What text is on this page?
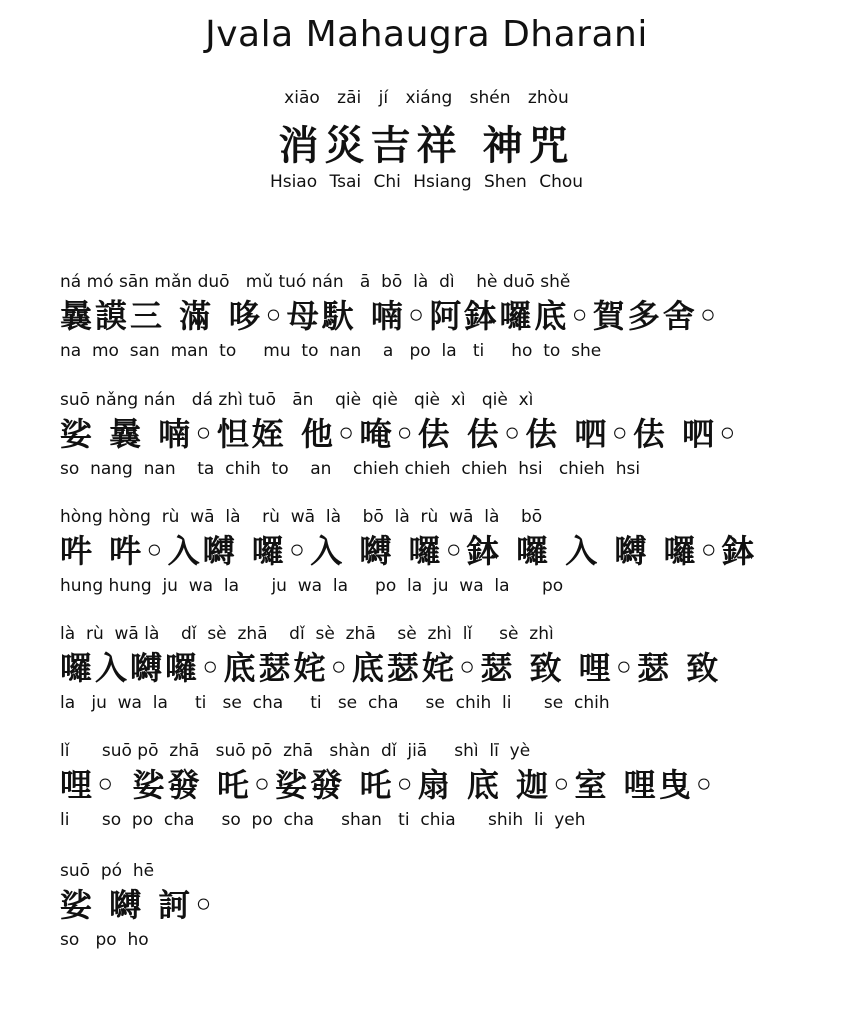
Jvala Mahaugra Dharani
xiāo zāi jí xiáng shén zhòu
消災吉祥 神咒
Hsiao Tsai Chi Hsiang Shen Chou
ná mó sān mǎn duō   mǔ tuó nán   ā  bō  là  dì    hè duō shě
曩謨三 滿 哆◦母馱 喃◦阿鉢囉底◦賀多舍◦
na  mo  san  man  to     mu  to  nan    a   po  la   ti     ho  to  she
suō nǎng nán   dá zhì tuō   ān    qiè  qiè   qiè  xì   qiè  xì
娑 曩 喃◦怛姪 他◦唵◦佉 佉◦佉 呬◦佉 呬◦
so  nang  nan    ta  chih  to    an    chieh chieh  chieh  hsi   chieh  hsi
hòng hòng  rù  wā  là    rù  wā  là    bō  là  rù  wā  là    bō
吽 吽◦入嚩 囉◦入 嚩 囉◦鉢 囉 入 嚩 囉◦鉢
hung hung  ju  wa  la      ju  wa  la     po  la  ju  wa  la      po
là  rù  wā là    dǐ  sè  zhā    dǐ  sè  zhā    sè  zhì  lǐ     sè  zhì
囉入嚩囉◦底瑟姹◦底瑟姹◦瑟 致 哩◦瑟 致
la   ju  wa  la     ti   se  cha     ti   se  cha     se  chih  li      se  chih
lǐ      suō pō  zhā   suō pō  zhā   shàn  dǐ  jiā     shì  lī  yè
哩◦ 娑發 吒◦娑發 吒◦扇 底 迦◦室 哩曳◦
li      so  po  cha     so  po  cha     shan   ti  chia      shih  li  yeh
suō  pó  hē
娑 嚩 訶◦
so   po  ho
